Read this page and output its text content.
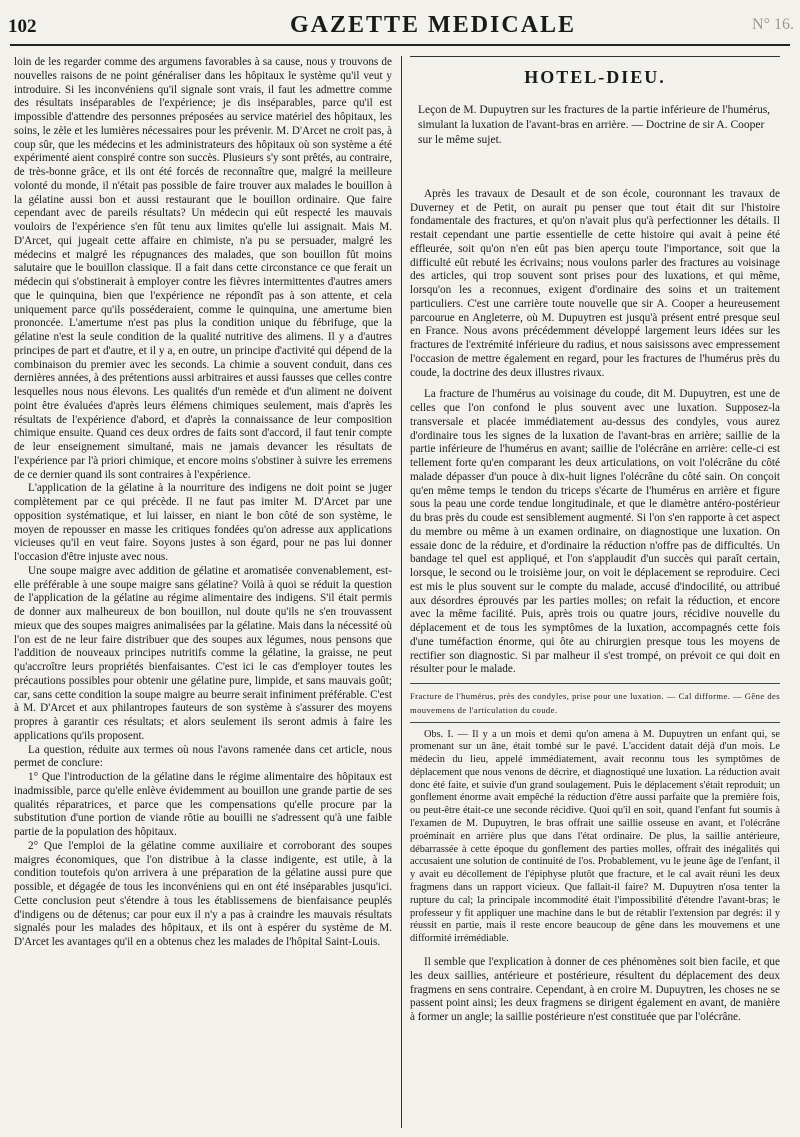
102	GAZETTE MEDICALE	N° 16.

loin de les regarder comme des argumens favorables à sa cause, nous y trouvons de nouvelles raisons de ne point généraliser dans les hôpitaux le système qu'il veut y introduire. Si les inconvéniens qu'il signale sont vrais, il faut les admettre comme des résultats inséparables de l'expérience; je dis inséparables, parce qu'il est impossible d'attendre des personnes préposées au service matériel des hôpitaux, les soins, le zèle et les lumières nécessaires pour les prévenir. M. D'Arcet ne croit pas, à coup sûr, que les médecins et les administrateurs des hôpitaux où son système a été expérimenté aient conspiré contre son succès. Plusieurs s'y sont prêtés, au contraire, de très-bonne grâce, et ils ont été forcés de reconnaître que, malgré la meilleure volonté du monde, il n'était pas possible de faire trouver aux malades le bouillon à la gélatine aussi bon et aussi restaurant que le bouillon ordinaire. Que faire cependant avec de pareils résultats? Un médecin qui eût respecté les mauvais vouloirs de l'expérience s'en fût tenu aux limites qu'elle lui assignait. Mais M. D'Arcet, qui jugeait cette affaire en chimiste, n'a pu se persuader, malgré les médecins et malgré les répugnances des malades, que son bouillon fût moins salutaire que le bouillon classique. Il a fait dans cette circonstance ce que ferait un médecin qui s'obstinerait à employer contre les fièvres intermittentes d'autres amers que le quinquina, bien que l'expérience ne répondît pas à son attente, et cela uniquement parce qu'ils posséderaient, comme le quinquina, une amertume bien prononcée. L'amertume n'est pas plus la condition unique du fébrifuge, que la gélatine n'est la seule condition de la qualité nutritive des alimens. Il y a d'autres principes de part et d'autre, et il y a, en outre, un principe d'activité qui dépend de la combinaison du premier avec les seconds. La chimie a souvent conduit, dans ces dernières années, à des prétentions aussi arbitraires et aussi fausses que celles contre lesquelles nous nous élevons. Les qualités d'un remède et d'un aliment ne doivent point être évaluées d'après leurs élémens chimiques seulement, mais d'après les résultats de l'expérience d'abord, et d'après la connaissance de leur composition chimique ensuite. Quand ces deux ordres de faits sont d'accord, il faut tenir compte de leur enseignement simultané, mais ne jamais devancer les résultats de l'expérience par l'à priori chimique, et encore moins s'obstiner à suivre les erremens de ce dernier quand ils sont contraires à l'expérience.

L'application de la gélatine à la nourriture des indigens ne doit point se juger complètement par ce qui précède. Il ne faut pas imiter M. D'Arcet par une opposition systématique, et lui laisser, en niant le bon côté de son système, le moyen de repousser en masse les critiques fondées qu'on adresse aux applications vicieuses qu'il en veut faire. Soyons justes à son égard, pour ne pas lui donner l'occasion d'être injuste avec nous.

Une soupe maigre avec addition de gélatine et aromatisée convenablement, est-elle préférable à une soupe maigre sans gélatine? Voilà à quoi se réduit la question de l'application de la gélatine au régime alimentaire des indigens. S'il était permis de donner aux malheureux de bon bouillon, nul doute qu'ils ne s'en trouvassent mieux que des soupes maigres animalisées par la gélatine. Mais dans la nécessité où l'on est de ne leur faire distribuer que des soupes aux légumes, nous pensons que l'addition de nouveaux principes nutritifs comme la gélatine, la graisse, ne peut qu'accroître leurs propriétés bienfaisantes. C'est ici le cas d'employer toutes les précautions possibles pour obtenir une gélatine pure, limpide, et sans mauvais goût; car, sans cette condition la soupe maigre au beurre serait infiniment préférable. C'est à M. D'Arcet et aux philantropes fauteurs de son système à s'assurer des moyens propres à garantir ces résultats; et alors seulement ils seront admis à faire les applications qu'ils proposent.

La question, réduite aux termes où nous l'avons ramenée dans cet article, nous permet de conclure:

1° Que l'introduction de la gélatine dans le régime alimentaire des hôpitaux est inadmissible, parce qu'elle enlève évidemment au bouillon une grande partie de ses qualités réparatrices, et parce que les compensations qu'elle procure par la substitution d'une portion de viande rôtie au bouilli ne s'adressent qu'à une faible partie de la population des hôpitaux.

2° Que l'emploi de la gélatine comme auxiliaire et corroborant des soupes maigres économiques, que l'on distribue à la classe indigente, est utile, à la condition toutefois qu'on arrivera à une préparation de la gélatine aussi pure que possible, et dégagée de tous les inconvéniens qui en ont été inséparables jusqu'ici. Cette conclusion peut s'étendre à tous les établissemens de bienfaisance peuplés d'indigens ou de détenus; car pour eux il n'y a pas à craindre les mauvais résultats signalés pour les malades des hôpitaux, et ils ont à espérer du système de M. D'Arcet les avantages qu'il en a obtenus chez les malades de l'hôpital Saint-Louis.

HOTEL-DIEU.

Leçon de M. Dupuytren sur les fractures de la partie inférieure de l'humérus, simulant la luxation de l'avant-bras en arrière. — Doctrine de sir A. Cooper sur le même sujet.

Après les travaux de Desault et de son école, couronnant les travaux de Duverney et de Petit, on aurait pu penser que tout était dit sur l'histoire fondamentale des fractures, et qu'on n'avait plus qu'à perfectionner les détails. Il restait cependant une partie essentielle de cette histoire qui avait à peine été effleurée, soit qu'on n'en eût pas bien aperçu toute l'importance, soit que la difficulté eût rebuté les écrivains; nous voulons parler des fractures au voisinage des articles, qui trop souvent sont prises pour des luxations, et qui même, lorsqu'on les a reconnues, exigent d'ordinaire des soins et un traitement particuliers. C'est une carrière toute nouvelle que sir A. Cooper a heureusement parcourue en Angleterre, où M. Dupuytren est jusqu'à présent entré presque seul en France. Nous avons précédemment développé largement leurs idées sur les fractures de l'extrémité inférieure du radius, et nous saisissons avec empressement l'occasion de mettre également en regard, pour les fractures de l'humérus près du coude, la doctrine des deux illustres rivaux.

La fracture de l'humérus au voisinage du coude, dit M. Dupuytren, est une de celles que l'on confond le plus souvent avec une luxation. Supposez-la transversale et placée immédiatement au-dessus des condyles, vous aurez d'ordinaire tous les signes de la luxation de l'avant-bras en arrière; saillie de la partie inférieure de l'humérus en avant; saillie de l'olécrâne en arrière: celle-ci est tellement forte qu'en comparant les deux articulations, on voit l'olécrâne du côté malade dépasser d'un pouce à dix-huit lignes l'olécrâne du côté sain. On conçoit qu'en même temps le tendon du triceps s'écarte de l'humérus en arrière et figure sous la peau une corde tendue longitudinale, et que le diamètre antéro-postérieur du bras près du coude est sensiblement augmenté. Si l'on s'en rapporte à cet aspect du membre ou même à un examen ordinaire, on diagnostique une luxation. On essaie donc de la réduire, et d'ordinaire la réduction n'offre pas de difficultés. Un bandage tel quel est appliqué, et l'on s'applaudit d'un succès qui paraît certain, lorsque, le second ou le troisième jour, on voit le déplacement se reproduire. Ceci est mis le plus souvent sur le compte du malade, accusé d'indocilité, ou attribué aux désordres éprouvés par les parties molles; on refait la réduction, et encore avec la même facilité. Puis, après trois ou quatre jours, récidive nouvelle du déplacement et de tous les symptômes de la luxation, accompagnés cette fois d'une tuméfaction énorme, qui ôte au chirurgien presque tous les moyens de rectifier son diagnostic. Si par malheur il s'est trompé, on prévoit ce qui doit en résulter pour le malade.

Fracture de l'humérus, près des condyles, prise pour une luxation. — Cal difforme. — Gêne des mouvemens de l'articulation du coude.

Obs. I. — Il y a un mois et demi qu'on amena à M. Dupuytren un enfant qui, se promenant sur un âne, était tombé sur le pavé. L'accident datait déjà d'un mois. Le médecin du lieu, appelé immédiatement, avait reconnu tous les symptômes de déplacement que nous venons de décrire, et diagnostiqué une luxation. La réduction avait donc été faite, et suivie d'un grand soulagement. Puis le déplacement s'était reproduit; un gonflement énorme avait empêché la réduction d'être aussi parfaite que la première fois, ou peut-être était-ce une seconde récidive. Quoi qu'il en soit, quand l'enfant fut soumis à l'examen de M. Dupuytren, le bras offrait une saillie osseuse en avant, et l'olécrâne proéminait en arrière plus que dans l'état ordinaire. De plus, la saillie antérieure, débarrassée à cette époque du gonflement des parties molles, offrait des inégalités qui accusaient une solution de continuité de l'os. Probablement, vu le jeune âge de l'enfant, il y avait eu décollement de l'épiphyse plutôt que fracture, et le cal avait réuni les deux fragmens dans un rapport vicieux. Que fallait-il faire? M. Dupuytren n'osa tenter la rupture du cal; la principale incommodité était l'impossibilité d'étendre l'avant-bras; le professeur y fit appliquer une machine dans le but de rétablir l'extension par degrés: il y réussit en partie, mais il reste encore beaucoup de gêne dans les mouvemens et une difformité irrémédiable.

Il semble que l'explication à donner de ces phénomènes soit bien facile, et que les deux saillies, antérieure et postérieure, résultent du déplacement des deux fragmens en sens contraire. Cependant, à en croire M. Dupuytren, les choses ne se passent point ainsi; les deux fragmens se dirigent également en avant, de manière à former un angle; la saillie postérieure n'est constituée que par l'olécrâne.
